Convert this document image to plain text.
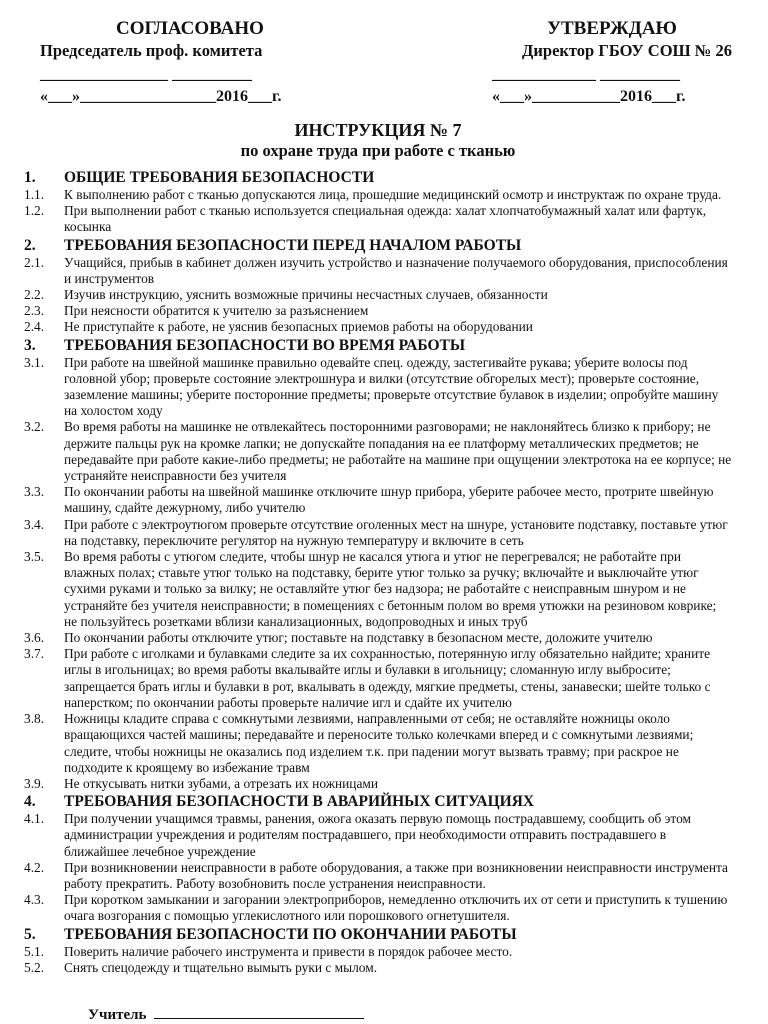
СОГЛАСОВАНО
Председатель проф. комитета
________________ __________
«___»_________________2016___г.
УТВЕРЖДАЮ
Директор ГБОУ СОШ № 26
_____________ __________
«___»___________2016___г.
ИНСТРУКЦИЯ № 7
по охране труда при работе с тканью
1.	ОБЩИЕ ТРЕБОВАНИЯ БЕЗОПАСНОСТИ
1.1.	К выполнению работ с тканью допускаются лица, прошедшие медицинский осмотр и инструктаж по охране труда.
1.2.	При выполнении работ с тканью используется специальная одежда: халат хлопчатобумажный халат или фартук, косынка
2.	ТРЕБОВАНИЯ БЕЗОПАСНОСТИ ПЕРЕД НАЧАЛОМ РАБОТЫ
2.1.	Учащийся, прибыв в кабинет должен изучить устройство и назначение получаемого оборудования, приспособления и инструментов
2.2.	Изучив инструкцию, уяснить возможные причины несчастных случаев, обязанности
2.3.	При неясности обратится к учителю за разъяснением
2.4.	Не приступайте к работе, не уяснив безопасных приемов работы на оборудовании
3.	ТРЕБОВАНИЯ БЕЗОПАСНОСТИ ВО ВРЕМЯ РАБОТЫ
3.1.	При работе на швейной машинке правильно одевайте спец. одежду, застегивайте рукава; уберите волосы под головной убор; проверьте состояние электрошнура и вилки (отсутствие обгорелых мест); проверьте состояние, заземление машины; уберите посторонние предметы; проверьте отсутствие булавок в изделии; опробуйте машину на холостом ходу
3.2.	Во время работы на машинке не отвлекайтесь посторонними разговорами; не наклоняйтесь близко к прибору; не держите пальцы рук на кромке лапки; не допускайте попадания на ее платформу металлических предметов; не передавайте при работе какие-либо предметы; не работайте на машине при ощущении электротока на ее корпусе; не устраняйте неисправности без учителя
3.3.	По окончании работы на швейной машинке отключите шнур прибора, уберите рабочее место, протрите швейную машину, сдайте дежурному, либо учителю
3.4.	При работе с электроутюгом проверьте отсутствие оголенных мест на шнуре, установите подставку, поставьте утюг на подставку, переключите регулятор на нужную температуру и включите в сеть
3.5.	Во время работы с утюгом следите, чтобы шнур не касался утюга и утюг не перегревался; не работайте при влажных полах; ставьте утюг только на подставку, берите утюг только за ручку; включайте и выключайте утюг сухими руками и только за вилку; не оставляйте утюг без надзора; не работайте с неисправным шнуром и не устраняйте без учителя неисправности; в помещениях с бетонным полом во время утюжки на резиновом коврике; не пользуйтесь розетками вблизи канализационных, водопроводных и иных труб
3.6.	По окончании работы отключите утюг; поставьте на подставку в безопасном месте, доложите учителю
3.7.	При работе с иголками и булавками следите за их сохранностью, потерянную иглу обязательно найдите; храните иглы в игольницах; во время работы вкалывайте иглы и булавки в игольницу; сломанную иглу выбросите; запрещается брать иглы и булавки в рот, вкалывать в одежду, мягкие предметы, стены, занавески; шейте только с наперстком; по окончании работы проверьте наличие игл и сдайте их учителю
3.8.	Ножницы кладите справа с сомкнутыми лезвиями, направленными от себя; не оставляйте ножницы около вращающихся частей машины; передавайте и переносите только колечками вперед и с сомкнутыми лезвиями; следите, чтобы ножницы не оказались под изделием т.к. при падении могут вызвать травму; при раскрое не подходите к кроящему во избежание травм
3.9.	Не откусывать нитки зубами, а отрезать их ножницами
4.	ТРЕБОВАНИЯ БЕЗОПАСНОСТИ В АВАРИЙНЫХ СИТУАЦИЯХ
4.1.	При получении учащимся травмы, ранения, ожога оказать первую помощь пострадавшему, сообщить об этом администрации учреждения и родителям пострадавшего, при необходимости отправить пострадавшего в ближайшее лечебное учреждение
4.2.	При возникновении неисправности в работе оборудования, а также при возникновении неисправности инструмента работу прекратить. Работу возобновить после устранения неисправности.
4.3.	При коротком замыкании и загорании электроприборов, немедленно отключить их от сети и приступить к тушению очага возгорания с помощью углекислотного или порошкового огнетушителя.
5.	ТРЕБОВАНИЯ БЕЗОПАСНОСТИ ПО ОКОНЧАНИИ РАБОТЫ
5.1.	Поверить наличие рабочего инструмента и привести в порядок рабочее место.
5.2.	Снять спецодежду и тщательно вымыть руки с мылом.
Учитель
